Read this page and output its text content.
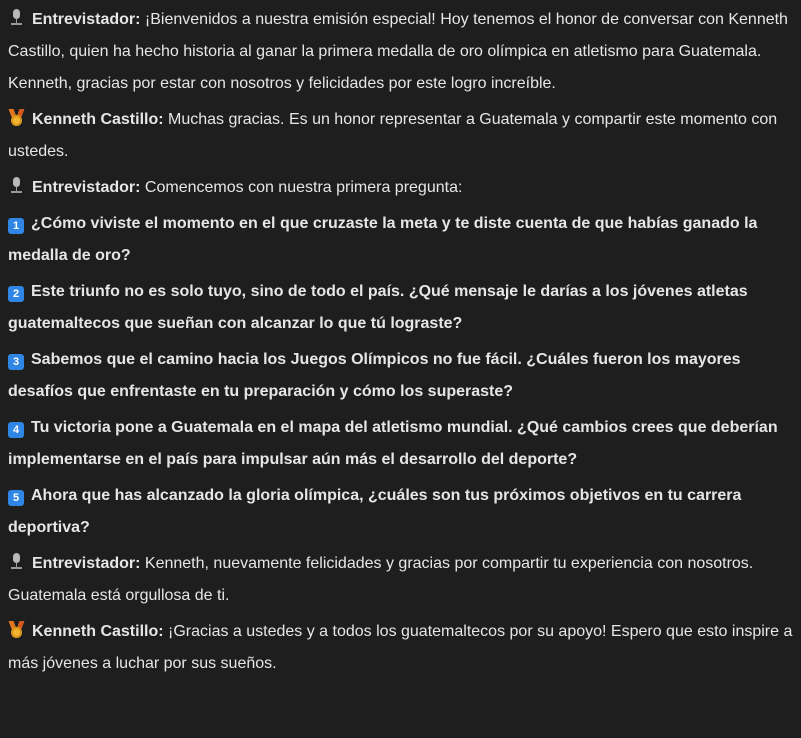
Entrevistador: ¡Bienvenidos a nuestra emisión especial! Hoy tenemos el honor de conversar con Kenneth Castillo, quien ha hecho historia al ganar la primera medalla de oro olímpica en atletismo para Guatemala. Kenneth, gracias por estar con nosotros y felicidades por este logro increíble.

Kenneth Castillo: Muchas gracias. Es un honor representar a Guatemala y compartir este momento con ustedes.

Entrevistador: Comencemos con nuestra primera pregunta:

1 ¿Cómo viviste el momento en el que cruzaste la meta y te diste cuenta de que habías ganado la medalla de oro?

2 Este triunfo no es solo tuyo, sino de todo el país. ¿Qué mensaje le darías a los jóvenes atletas guatemaltecos que sueñan con alcanzar lo que tú lograste?

3 Sabemos que el camino hacia los Juegos Olímpicos no fue fácil. ¿Cuáles fueron los mayores desafíos que enfrentaste en tu preparación y cómo los superaste?

4 Tu victoria pone a Guatemala en el mapa del atletismo mundial. ¿Qué cambios crees que deberían implementarse en el país para impulsar aún más el desarrollo del deporte?

5 Ahora que has alcanzado la gloria olímpica, ¿cuáles son tus próximos objetivos en tu carrera deportiva?

Entrevistador: Kenneth, nuevamente felicidades y gracias por compartir tu experiencia con nosotros. Guatemala está orgullosa de ti.

Kenneth Castillo: ¡Gracias a ustedes y a todos los guatemaltecos por su apoyo! Espero que esto inspire a más jóvenes a luchar por sus sueños.
